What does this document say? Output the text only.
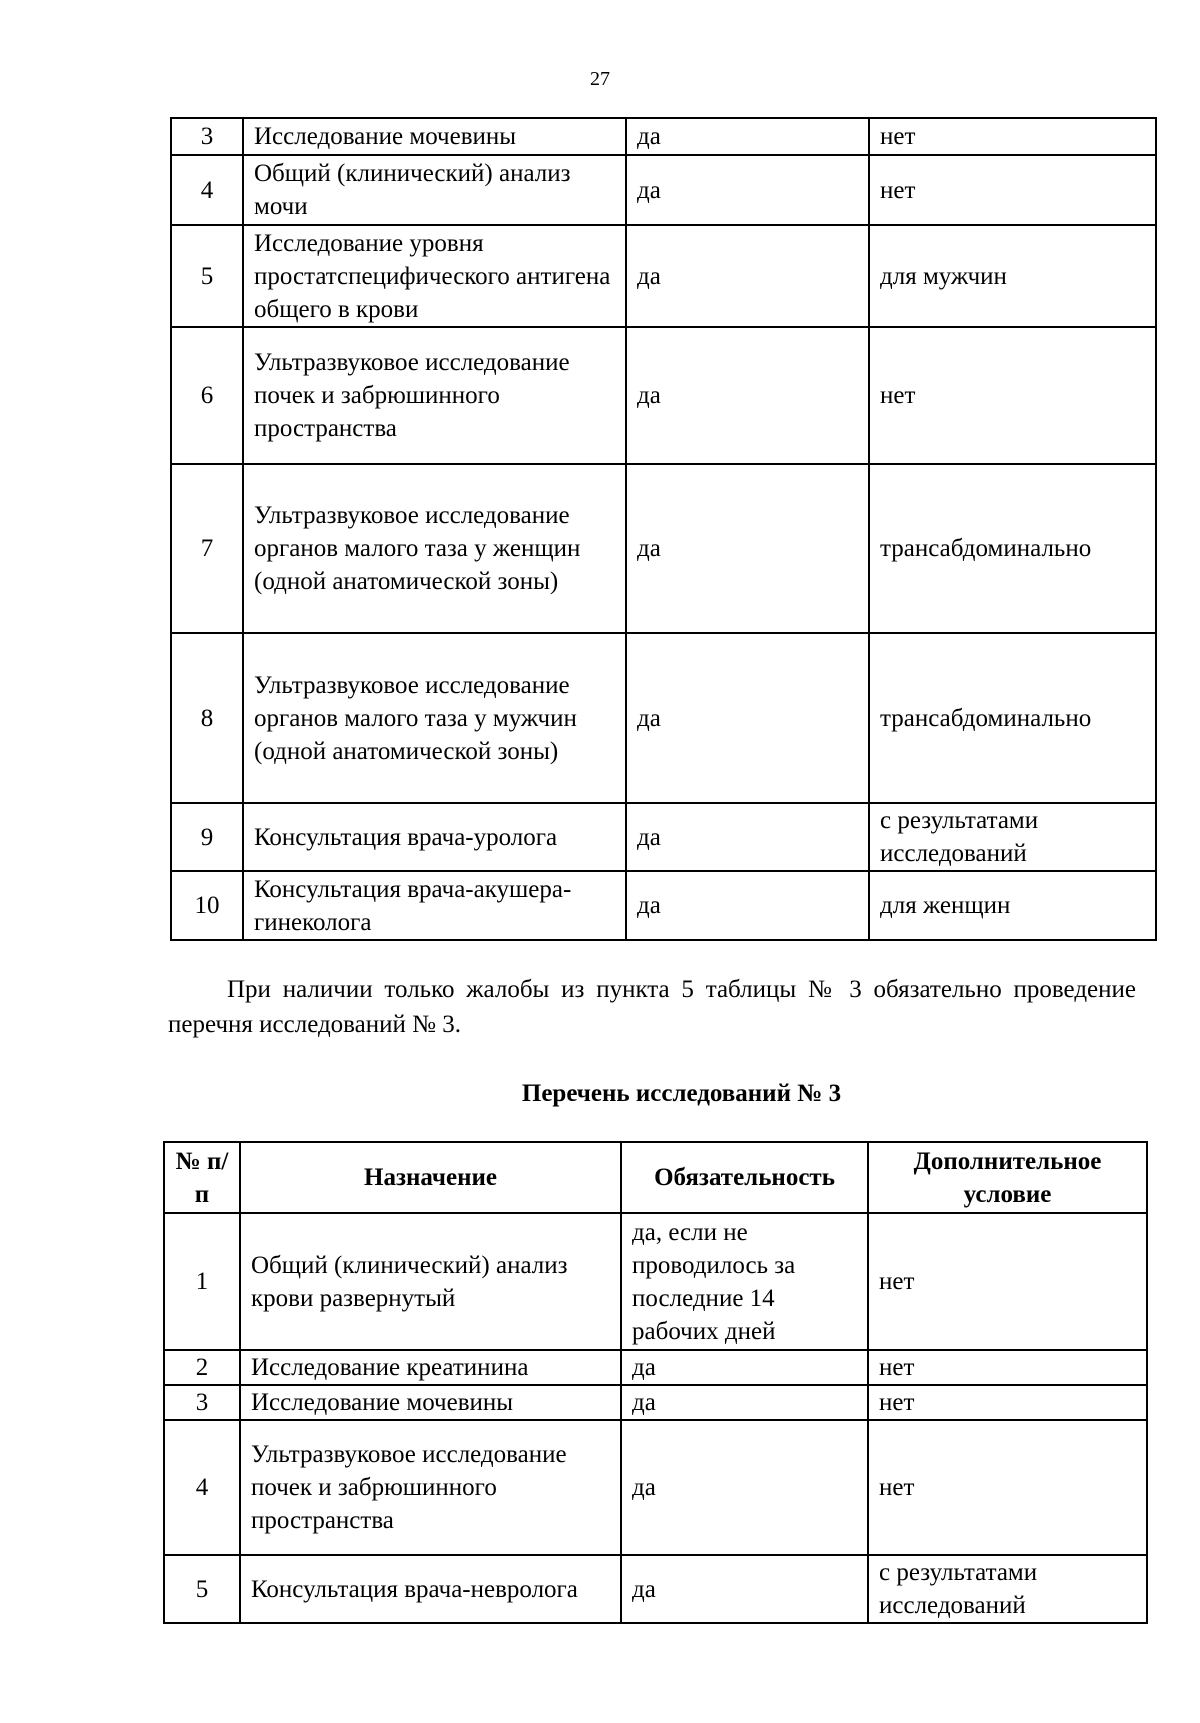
27
3	Исследование мочевины	да	нет
4	Общий (клинический) анализ мочи	да	нет
5	Исследование уровня простатспецифического антигена общего в крови	да	для мужчин
6	Ультразвуковое исследование почек и забрюшинного пространства	да	нет
7	Ультразвуковое исследование органов малого таза у женщин (одной анатомической зоны)	да	трансабдоминально
8	Ультразвуковое исследование органов малого таза у мужчин (одной анатомической зоны)	да	трансабдоминально
9	Консультация врача-уролога	да	с результатами исследований
10	Консультация врача-акушера-гинеколога	да	для женщин

При наличии только жалобы из пункта 5 таблицы № 3 обязательно проведение перечня исследований № 3.

Перечень исследований № 3
№ п/п	Назначение	Обязательность	Дополнительное условие
1	Общий (клинический) анализ крови развернутый	да, если не проводилось за последние 14 рабочих дней	нет
2	Исследование креатинина	да	нет
3	Исследование мочевины	да	нет
4	Ультразвуковое исследование почек и забрюшинного пространства	да	нет
5	Консультация врача-невролога	да	с результатами исследований
